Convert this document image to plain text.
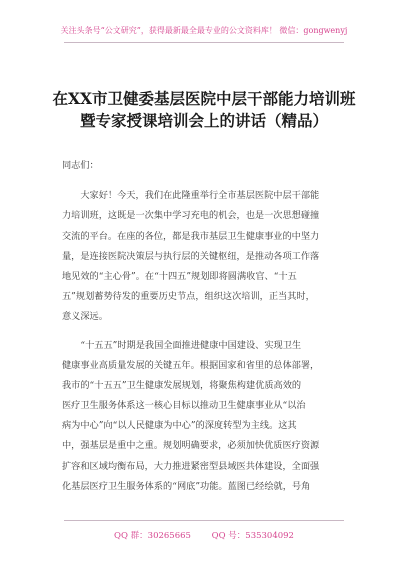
关注头条号“公文研究”，获得最新最全最专业的公文资料库！ 微信：gongwenyj
在XX市卫健委基层医院中层干部能力培训班
暨专家授课培训会上的讲话（精品）
同志们：
　　大家好！今天，我们在此隆重举行全市基层医院中层干部能
力培训班，这既是一次集中学习充电的机会，也是一次思想碰撞
交流的平台。在座的各位，都是我市基层卫生健康事业的中坚力
量，是连接医院决策层与执行层的关键枢纽，是推动各项工作落
地见效的“主心骨”。在“十四五”规划即将圆满收官、“十五
五”规划蓄势待发的重要历史节点，组织这次培训，正当其时，
意义深远。
　　“十五五”时期是我国全面推进健康中国建设、实现卫生
健康事业高质量发展的关键五年。根据国家和省里的总体部署，
我市的“十五五”卫生健康发展规划，将聚焦构建优质高效的
医疗卫生服务体系这一核心目标以推动卫生健康事业从“以治
病为中心”向“以人民健康为中心”的深度转型为主线。这其
中，强基层是重中之重。规划明确要求，必须加快优质医疗资源
扩容和区域均衡布局，大力推进紧密型县域医共体建设，全面强
化基层医疗卫生服务体系的“网底”功能。蓝图已经绘就，号角
QQ 群：30265665 QQ 号：535304092
